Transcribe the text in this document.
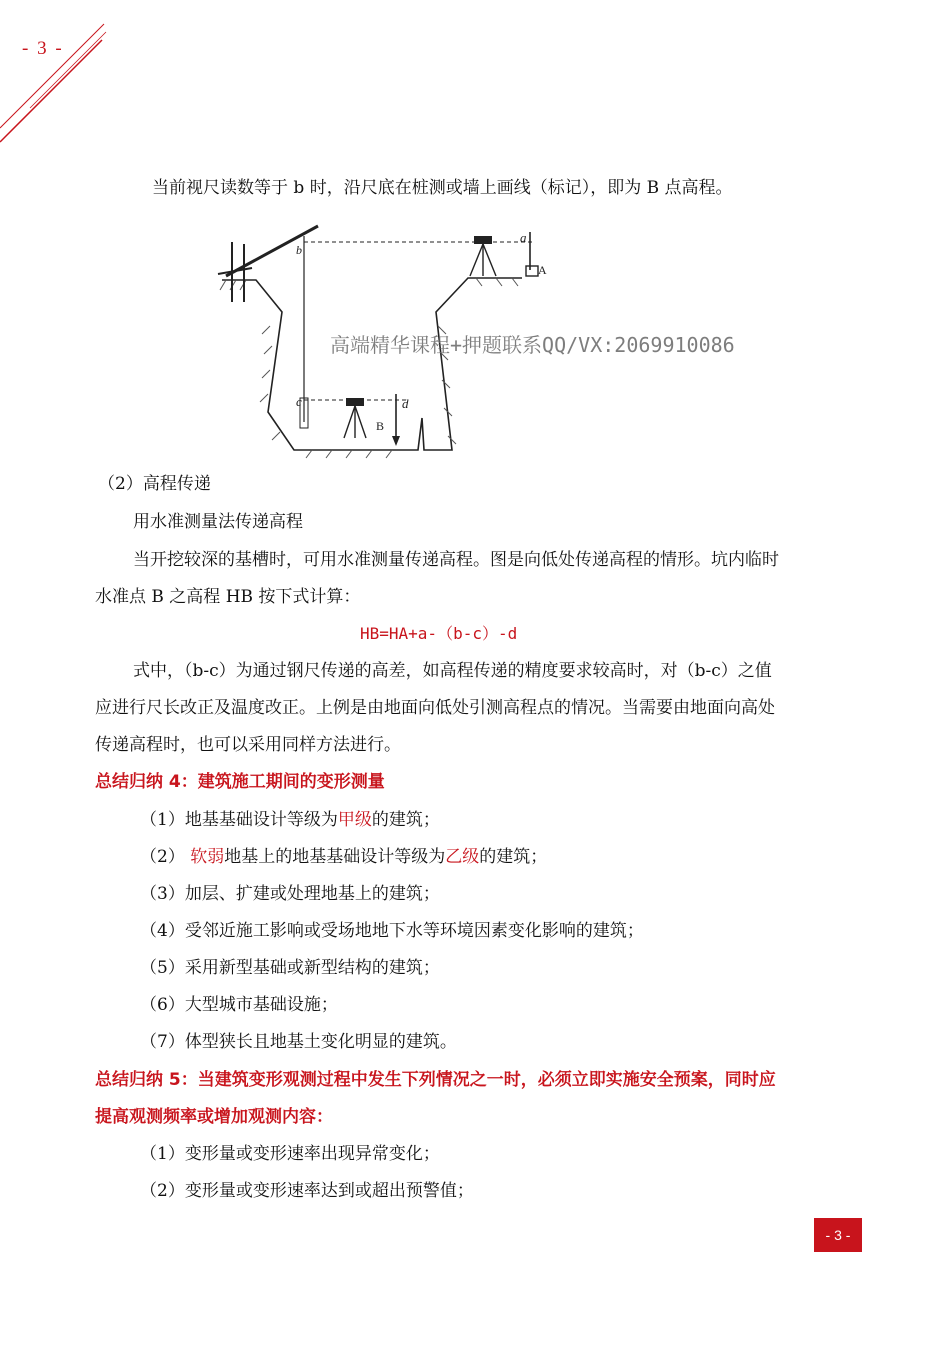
- 3 -
当前视尺读数等于 b 时，沿尺底在桩测或墙上画线（标记），即为 B 点高程。
b
a
A
c	d
B
高端精华课程+押题联系QQ/VX:2069910086
（2）高程传递
用水准测量法传递高程
当开挖较深的基槽时，可用水准测量传递高程。图是向低处传递高程的情形。坑内临时
水准点 B 之高程 HB 按下式计算：
HB=HA+a-（b-c）-d
式中，（b-c）为通过钢尺传递的高差，如高程传递的精度要求较高时，对（b-c）之值
应进行尺长改正及温度改正。上例是由地面向低处引测高程点的情况。当需要由地面向高处
传递高程时，也可以采用同样方法进行。
总结归纳 4：建筑施工期间的变形测量
（1）地基基础设计等级为甲级的建筑；
（2） 软弱地基上的地基基础设计等级为乙级的建筑；
（3）加层、扩建或处理地基上的建筑；
（4）受邻近施工影响或受场地地下水等环境因素变化影响的建筑；
（5）采用新型基础或新型结构的建筑；
（6）大型城市基础设施；
（7）体型狭长且地基土变化明显的建筑。
总结归纳 5：当建筑变形观测过程中发生下列情况之一时，必须立即实施安全预案，同时应
提高观测频率或增加观测内容：
（1）变形量或变形速率出现异常变化；
（2）变形量或变形速率达到或超出预警值；
- 3 -
